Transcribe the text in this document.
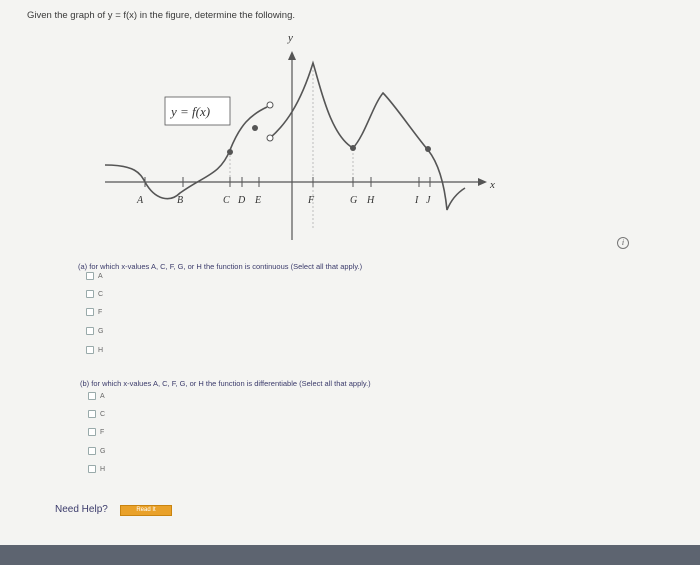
Given the graph of y = f(x) in the figure, determine the following.
x
y
y = f(x)
A	B	C D E	F	G H	I J
i
(a) for which x-values A, C, F, G, or H the function is continuous (Select all that apply.)
A
C
F
G
H
(b) for which x-values A, C, F, G, or H the function is differentiable (Select all that apply.)
A
C
F
G
H
Need Help?	Read It
